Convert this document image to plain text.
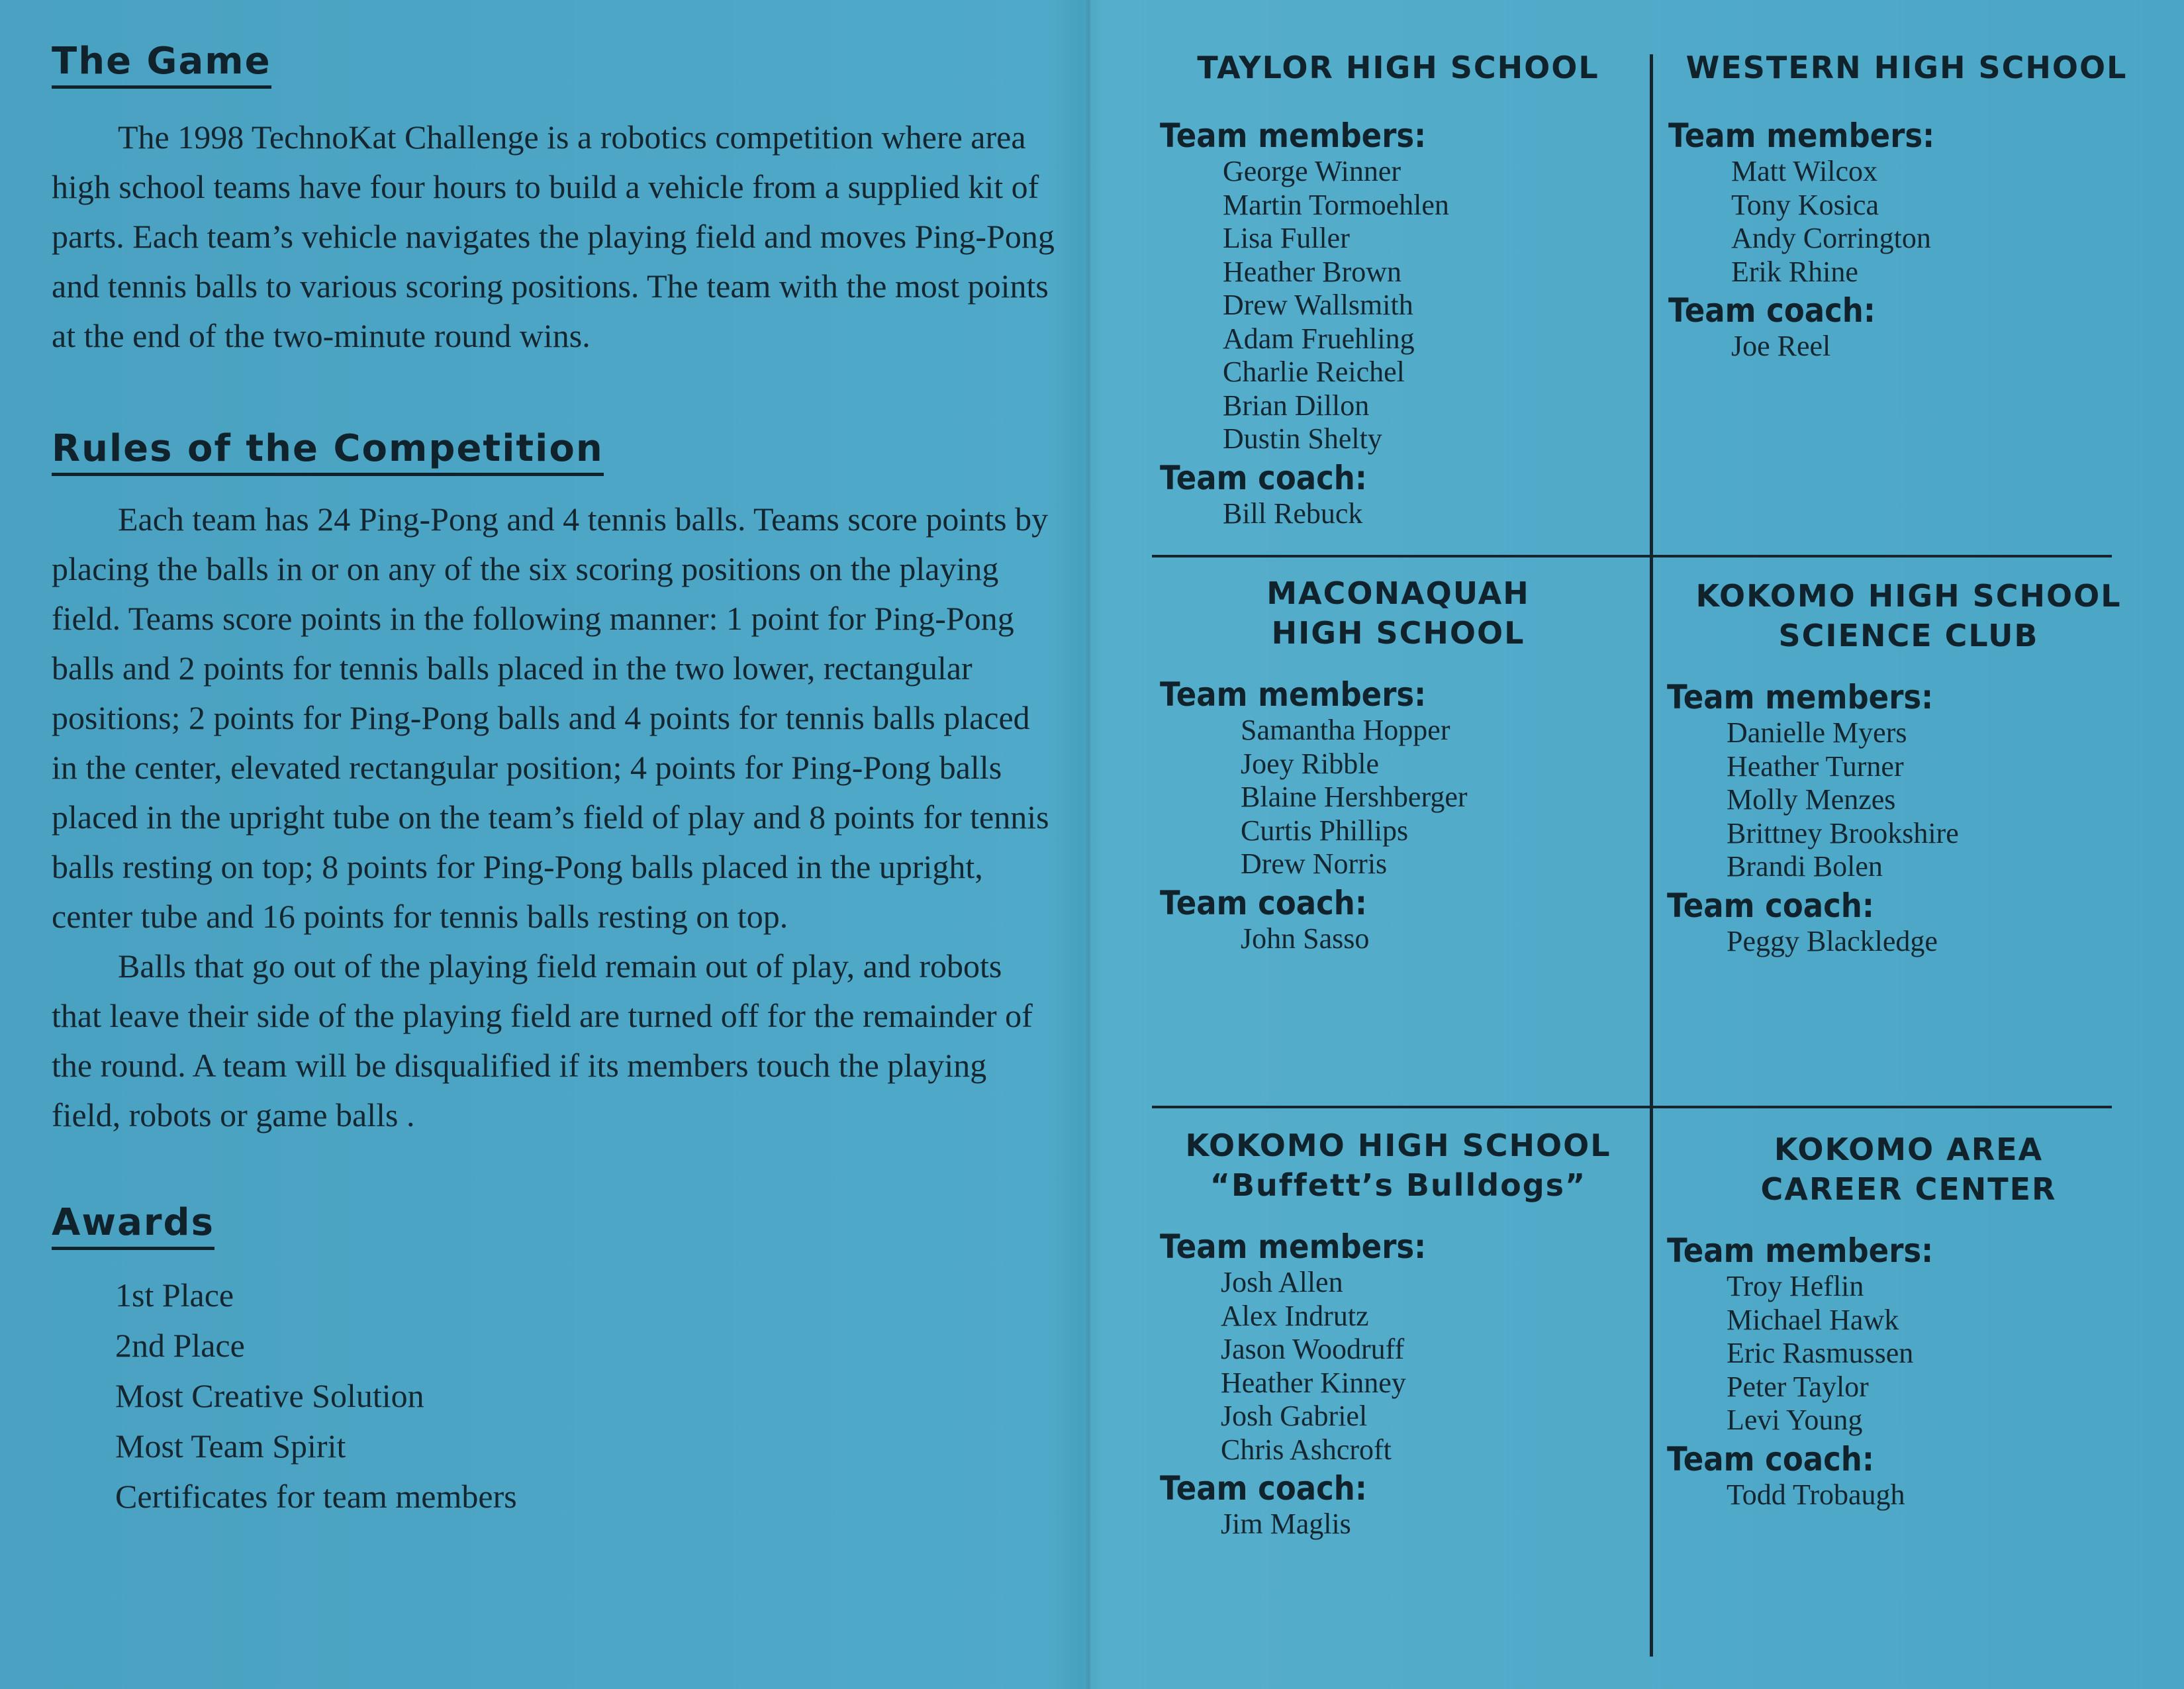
The Game

The 1998 TechnoKat Challenge is a robotics competition where area high school teams have four hours to build a vehicle from a supplied kit of parts. Each team’s vehicle navigates the playing field and moves Ping-Pong and tennis balls to various scoring positions. The team with the most points at the end of the two-minute round wins.

Rules of the Competition

Each team has 24 Ping-Pong and 4 tennis balls. Teams score points by placing the balls in or on any of the six scoring positions on the playing field. Teams score points in the following manner: 1 point for Ping-Pong balls and 2 points for tennis balls placed in the two lower, rectangular positions; 2 points for Ping-Pong balls and 4 points for tennis balls placed in the center, elevated rectangular position; 4 points for Ping-Pong balls placed in the upright tube on the team’s field of play and 8 points for tennis balls resting on top; 8 points for Ping-Pong balls placed in the upright, center tube and 16 points for tennis balls resting on top.

Balls that go out of the playing field remain out of play, and robots that leave their side of the playing field are turned off for the remainder of the round. A team will be disqualified if its members touch the playing field, robots or game balls .

Awards
1st Place
2nd Place
Most Creative Solution
Most Team Spirit
Certificates for team members
TAYLOR HIGH SCHOOL

Team members:

George Winner
Martin Tormoehlen
Lisa Fuller
Heather Brown
Drew Wallsmith
Adam Fruehling
Charlie Reichel
Brian Dillon
Dustin Shelty

Team coach:

Bill Rebuck
WESTERN HIGH SCHOOL

Team members:

Matt Wilcox
Tony Kosica
Andy Corrington
Erik Rhine

Team coach:

Joe Reel
MACONAQUAH
HIGH SCHOOL

Team members:

Samantha Hopper
Joey Ribble
Blaine Hershberger
Curtis Phillips
Drew Norris

Team coach:

John Sasso
KOKOMO HIGH SCHOOL
SCIENCE CLUB

Team members:

Danielle Myers
Heather Turner
Molly Menzes
Brittney Brookshire
Brandi Bolen

Team coach:

Peggy Blackledge
KOKOMO HIGH SCHOOL
“Buffett’s Bulldogs”

Team members:

Josh Allen
Alex Indrutz
Jason Woodruff
Heather Kinney
Josh Gabriel
Chris Ashcroft

Team coach:

Jim Maglis
KOKOMO AREA
CAREER CENTER

Team members:

Troy Heflin
Michael Hawk
Eric Rasmussen
Peter Taylor
Levi Young

Team coach:

Todd Trobaugh
